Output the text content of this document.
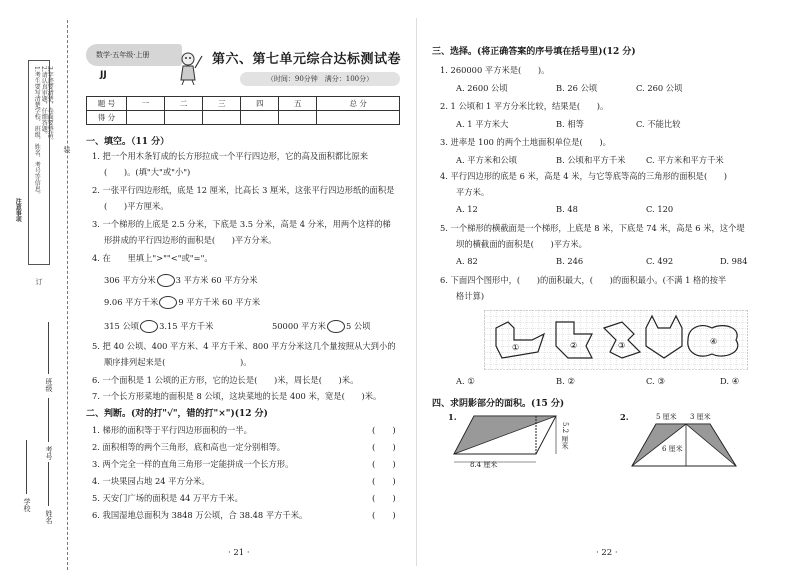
1.考生要写清楚学校、班级、姓名、考号等信息。 2.请认真审题，仔细答题。 3.字迹要清楚，卷面要整洁。
注意事项
装
订
班级
考号
学校
姓名
数学·五年级·上册
JJ
第六、第七单元综合达标测试卷
（时间：90分钟　满分：100分）
题 号	一	二	三	四	五	总 分
得 分						
一、填空。（11 分）
1. 把一个用木条钉成的长方形拉成一个平行四边形，它的高及面积都比原来
(　　)。(填"大"或"小")
2. 一张平行四边形纸，底是 12 厘米，比高长 3 厘米，这张平行四边形纸的面积是
(　　)平方厘米。
3. 一个梯形的上底是 2.5 分米，下底是 3.5 分米，高是 4 分米，用两个这样的梯
形拼成的平行四边形的面积是(　　)平方分米。
4. 在　　里填上">""<"或"="。
306 平方分米 3 平方米 60 平方分米
9.06 平方千米 9 平方千米 60 平方米
315 公顷 3.15 平方千米	50000 平方米 5 公顷
5. 把 40 公顷、400 平方米、4 平方千米、800 平方分米这几个量按照从大到小的
顺序排列起来是(　　　　　　　　　)。
6. 一个面积是 1 公顷的正方形，它的边长是(　　)米，周长是(　　)米。
7. 一个长方形菜地的面积是 8 公顷，这块菜地的长是 400 米，宽是(　　)米。
二、判断。(对的打"√"，错的打"×")(12 分)
1. 梯形的面积等于平行四边形面积的一半。	(　　)
2. 面积相等的两个三角形，底和高也一定分别相等。	(　　)
3. 两个完全一样的直角三角形一定能拼成一个长方形。	(　　)
4. 一块果园占地 24 平方分米。	(　　)
5. 天安门广场的面积是 44 万平方千米。	(　　)
6. 我国湿地总面积为 3848 万公顷，合 38.48 平方千米。	(　　)
· 21 ·
三、选择。(将正确答案的序号填在括号里)(12 分)
1. 260000 平方米是(　　)。
A. 2600 公顷	B. 26 公顷	C. 260 公顷
2. 1 公顷和 1 平方分米比较，结果是(　　)。
A. 1 平方米大	B. 相等	C. 不能比较
3. 进率是 100 的两个土地面积单位是(　　)。
A. 平方米和公顷	B. 公顷和平方千米 C. 平方米和平方千米
4. 平行四边形的底是 6 米，高是 4 米，与它等底等高的三角形的面积是(　　)
平方米。
A. 12	B. 48	C. 120
5. 一个梯形的横截面是一个梯形，上底是 8 米，下底是 74 米，高是 6 米，这个堤
坝的横截面的面积是(　　)平方米。
A. 82	B. 246	C. 492	D. 984
6. 下面四个图形中，(　　)的面积最大，(　　)的面积最小。(不满 1 格的按半
格计算)
①	②	③	④
A. ①	B. ②	C. ③	D. ④
四、求阴影部分的面积。(15 分)
1.
8.4 厘米
5.2 厘米
2.	5 厘米 3 厘米
6 厘米
· 22 ·
